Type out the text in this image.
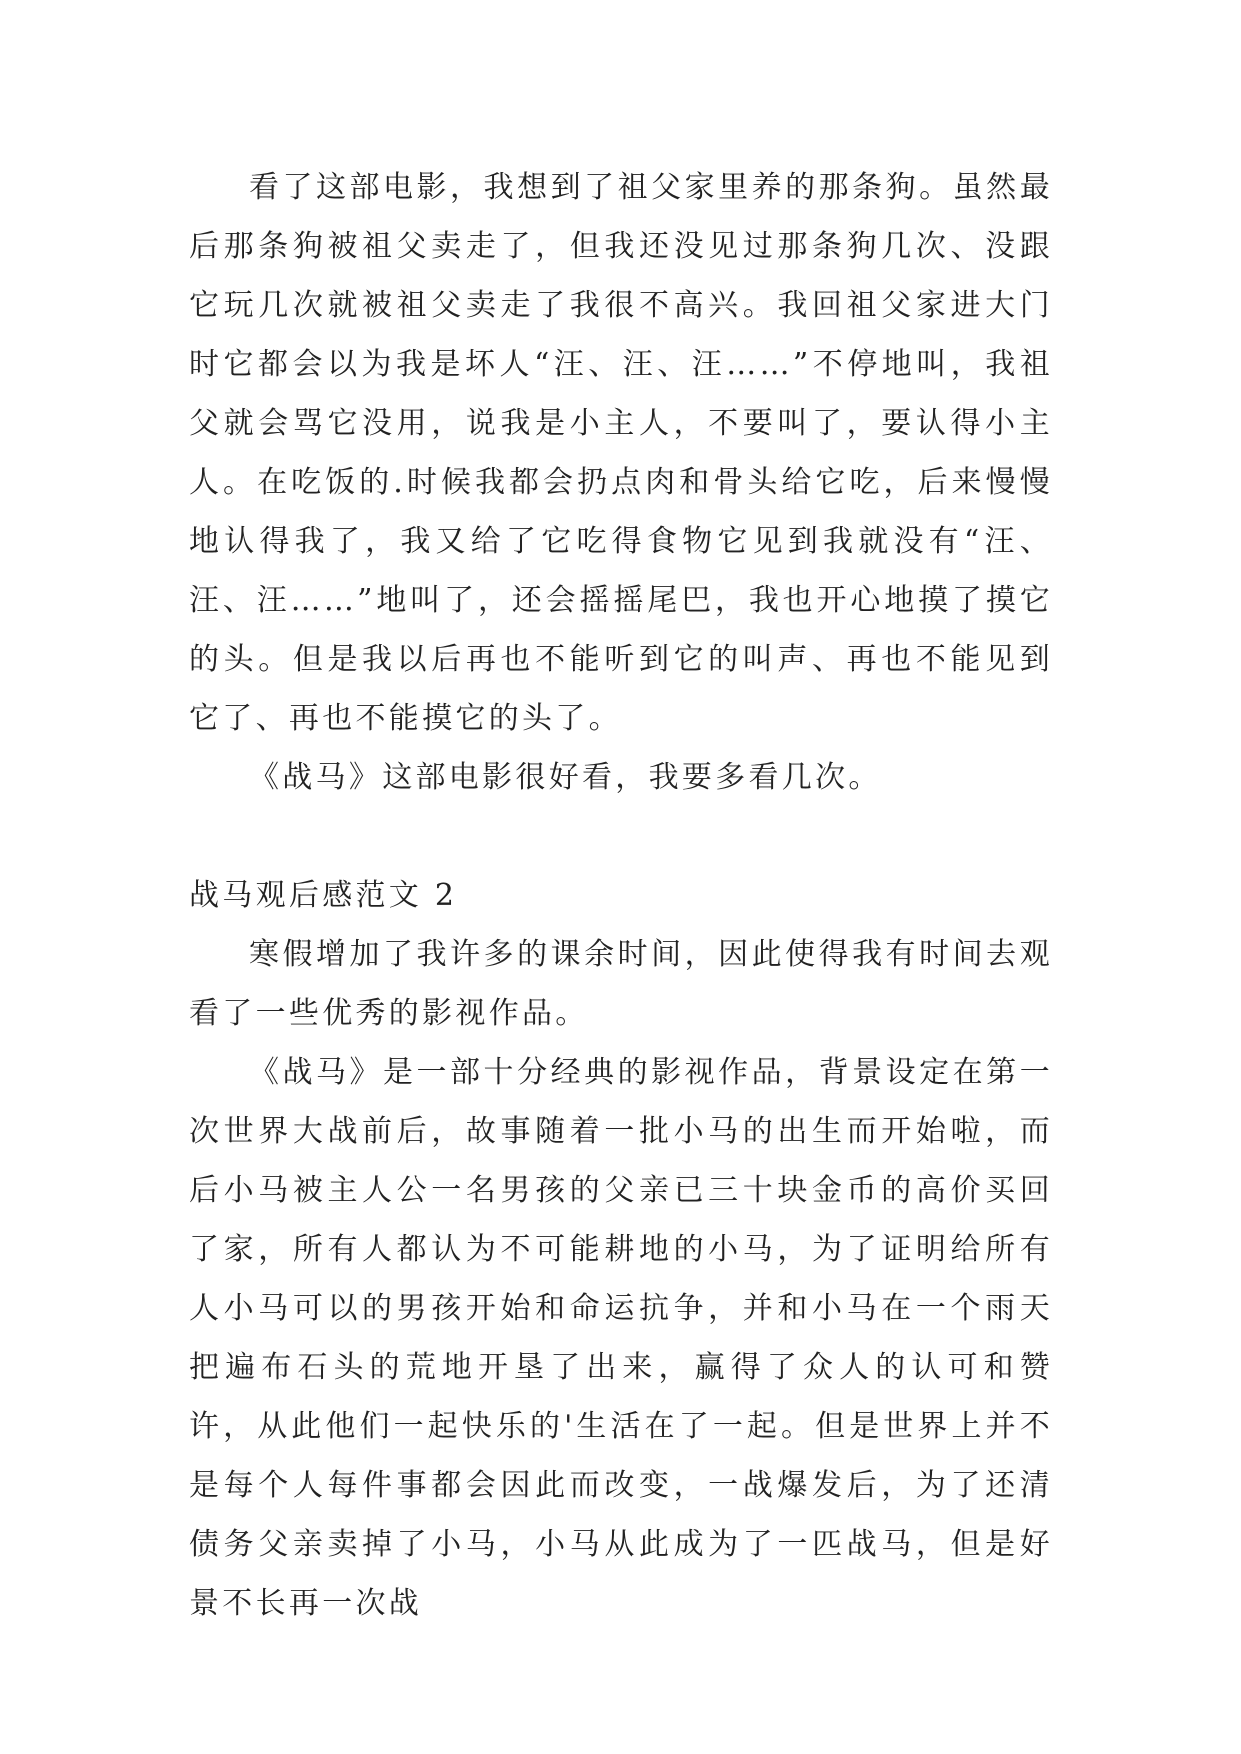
看了这部电影，我想到了祖父家里养的那条狗。虽然最后那条狗被祖父卖走了，但我还没见过那条狗几次、没跟它玩几次就被祖父卖走了我很不高兴。我回祖父家进大门时它都会以为我是坏人“汪、汪、汪……”不停地叫，我祖父就会骂它没用，说我是小主人，不要叫了，要认得小主人。在吃饭的.时候我都会扔点肉和骨头给它吃，后来慢慢地认得我了，我又给了它吃得食物它见到我就没有“汪、汪、汪……”地叫了，还会摇摇尾巴，我也开心地摸了摸它的头。但是我以后再也不能听到它的叫声、再也不能见到它了、再也不能摸它的头了。

《战马》这部电影很好看，我要多看几次。

战马观后感范文 2

寒假增加了我许多的课余时间，因此使得我有时间去观看了一些优秀的影视作品。

《战马》是一部十分经典的影视作品，背景设定在第一次世界大战前后，故事随着一批小马的出生而开始啦，而后小马被主人公一名男孩的父亲已三十块金币的高价买回了家，所有人都认为不可能耕地的小马，为了证明给所有人小马可以的男孩开始和命运抗争，并和小马在一个雨天把遍布石头的荒地开垦了出来，赢得了众人的认可和赞许，从此他们一起快乐的'生活在了一起。但是世界上并不是每个人每件事都会因此而改变，一战爆发后，为了还清债务父亲卖掉了小马，小马从此成为了一匹战马，但是好景不长再一次战
